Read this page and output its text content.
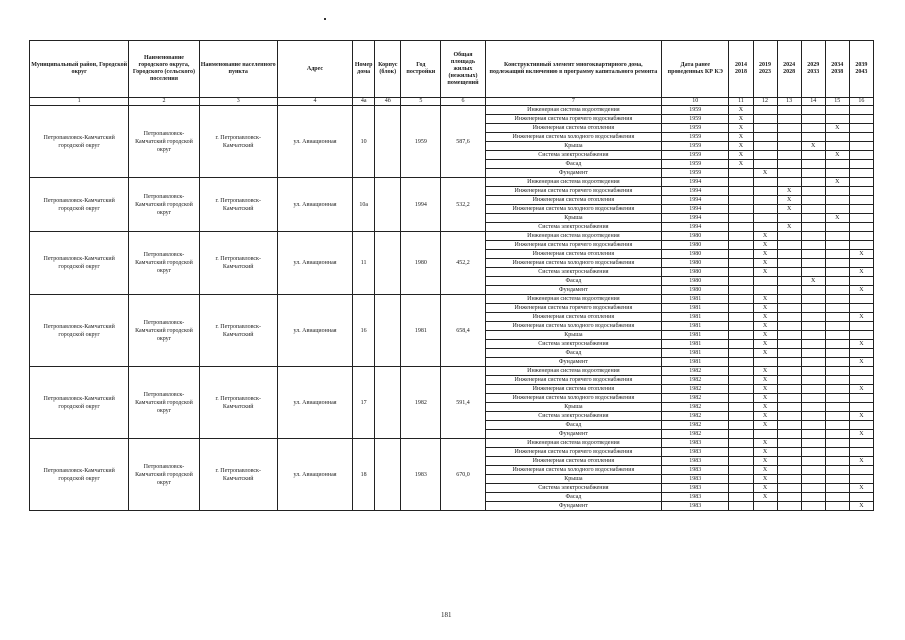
Муниципальный район, Городской округ	Наименование городского округа, Городского (сельского) поселения	Наименование населенного пункта	Адрес	Номер дома	Корпус (блок)	Год постройки	Общая площадь жилых (нежилых) помещений	Конструктивный элемент многоквартирного дома, подлежащий включению в программу капитального ремонта	Дата ранее проведенных КР КЭ	2014 2018	2019 2023	2024 2028	2029 2033	2034 2038	2039 2043
1	2	3	4	4а	4б	5	6	7	10	11	12	13	14	15	16
Петропавловск-Камчатский городской округ	Петропавловск-Камчатский городской округ	г. Петропавловск-Камчатский	ул. Авиационная	10		1959	587,6	Инженерная система водоотведения	1959	X					
								Инженерная система горячего водоснабжения	1959	X					
								Инженерная система отопления	1959	X				X	
								Инженерная система холодного водоснабжения	1959	X					
								Крыша	1959	X			X		
								Система электроснабжения	1959	X				X	
								Фасад	1959	X					
								Фундамент	1959		X				
Петропавловск-Камчатский городской округ	Петропавловск-Камчатский городской округ	г. Петропавловск-Камчатский	ул. Авиационная	10а		1994	532,2	Инженерная система водоотведения	1994					X	
								Инженерная система горячего водоснабжения	1994			X			
								Инженерная система отопления	1994			X			
								Инженерная система холодного водоснабжения	1994			X			
								Крыша	1994					X	
								Система электроснабжения	1994			X			
Петропавловск-Камчатский городской округ	Петропавловск-Камчатский городской округ	г. Петропавловск-Камчатский	ул. Авиационная	11		1980	452,2	Инженерная система водоотведения	1980		X				
								Инженерная система горячего водоснабжения	1980		X				
								Инженерная система отопления	1980		X				X
								Инженерная система холодного водоснабжения	1980		X				
								Система электроснабжения	1980		X				X
								Фасад	1980				X		
								Фундамент	1980						X
Петропавловск-Камчатский городской округ	Петропавловск-Камчатский городской округ	г. Петропавловск-Камчатский	ул. Авиационная	16		1981	658,4	Инженерная система водоотведения	1981		X				
								Инженерная система горячего водоснабжения	1981		X				
								Инженерная система отопления	1981		X				X
								Инженерная система холодного водоснабжения	1981		X				
								Крыша	1981		X				
								Система электроснабжения	1981		X				X
								Фасад	1981		X				
								Фундамент	1981						X
Петропавловск-Камчатский городской округ	Петропавловск-Камчатский городской округ	г. Петропавловск-Камчатский	ул. Авиационная	17		1982	591,4	Инженерная система водоотведения	1982		X				
								Инженерная система горячего водоснабжения	1982		X				
								Инженерная система отопления	1982		X				X
								Инженерная система холодного водоснабжения	1982		X				
								Крыша	1982		X				
								Система электроснабжения	1982		X				X
								Фасад	1982		X				
								Фундамент	1982						X
Петропавловск-Камчатский городской округ	Петропавловск-Камчатский городской округ	г. Петропавловск-Камчатский	ул. Авиационная	18		1983	670,0	Инженерная система водоотведения	1983		X				
								Инженерная система горячего водоснабжения	1983		X				
								Инженерная система отопления	1983		X				X
								Инженерная система холодного водоснабжения	1983		X				
								Крыша	1983		X				
								Система электроснабжения	1983		X				X
								Фасад	1983		X				
								Фундамент	1983						X
181
